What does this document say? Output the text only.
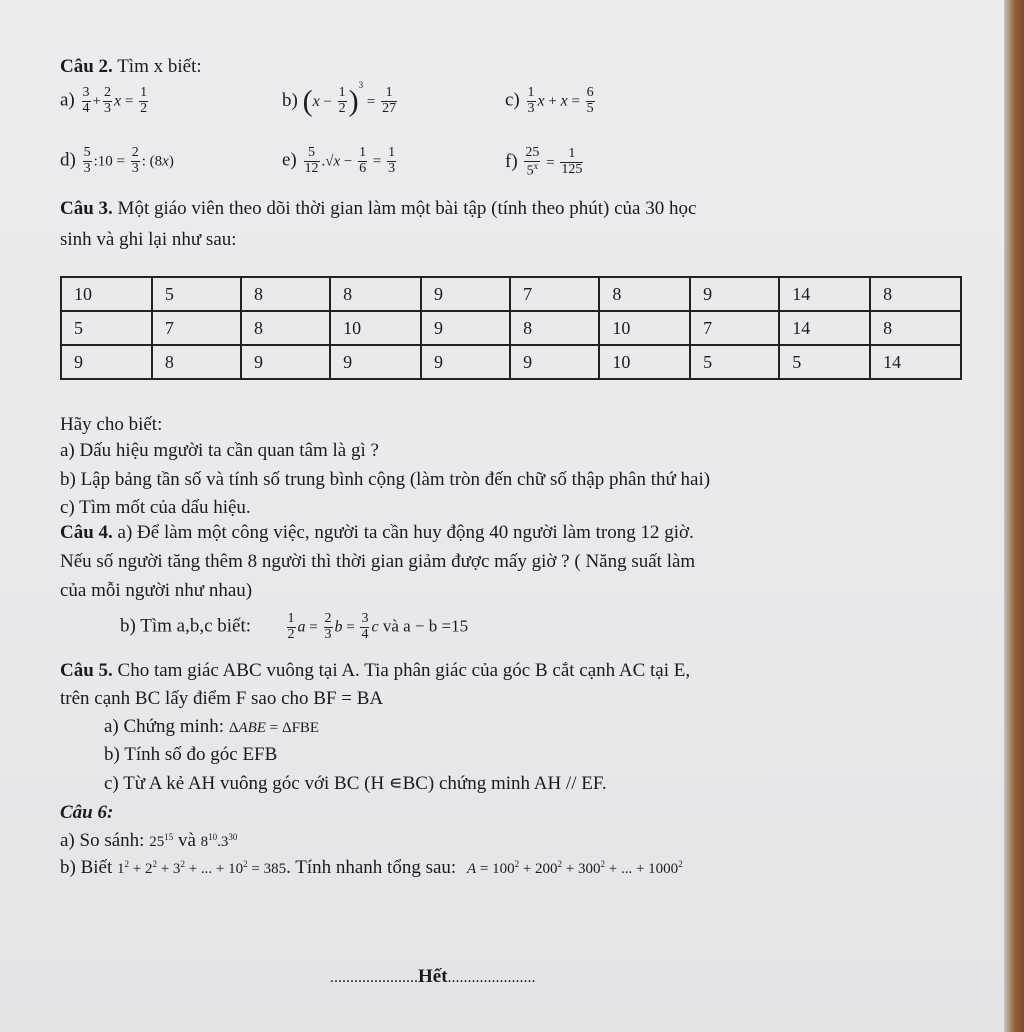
Câu 2. Tìm x biết:
$a) \frac{3}{4} + \frac{2}{3}$ $x = \frac{1}{2}$	b) $(x - \frac{1}{2} )^3 = \frac{1}{27}$	$c) \frac{1}{3}$ $x + x = \frac{6}{5}$
$d) \frac{5}{3}$ :10 = $\frac{2}{3}$ : (8x)	$e) \frac{5}{12} .√x - \frac{1}{6} = \frac{1}{3}$	$f) \frac{25}{5^x} = \frac{1}{125}$
Câu 3. Một giáo viên theo dõi thời gian làm một bài tập (tính theo phút) của 30 học
sinh và ghi lại như sau:
10	5	8	8	9	7	8	9	14	8
5	7	8	10	9	8	10	7	14	8
9	8	9	9	9	9	10	5	5	14
Hãy cho biết:
a) Dấu hiệu mgười ta cần quan tâm là gì ?
b) Lập bảng tần số và tính số trung bình cộng (làm tròn đến chữ số thập phân thứ hai)
c) Tìm mốt của dấu hiệu.
Câu 4. a) Để làm một công việc, người ta cần huy động 40 người làm trong 12 giờ.
Nếu số người tăng thêm 8 người thì thời gian giảm được mấy giờ ? ( Năng suất làm
của mỗi người như nhau)
b) Tìm a,b,c biết:	$\frac{1}{2}$ $a = \frac{2}{3}$ $b = \frac{3}{4}$ c và a − b =15
Câu 5. Cho tam giác ABC vuông tại A. Tia phân giác của góc B cắt cạnh AC tại E,
trên cạnh BC lấy điểm F sao cho BF = BA
a) Chứng minh: ΔABE = ΔFBE
b) Tính số đo góc EFB
c) Từ A kẻ AH vuông góc với BC (H ∊BC) chứng minh AH // EF.
Câu 6:
a) So sánh: $25^{15}$ và $8^{10}.3^{30}$
b) Biết $1^2 + 2^2 + 3^2$ + ... + $10^2 = 385$. Tính nhanh tổng sau: $A = 100^2 + 200^2 + 300^2$ + ... + $1000^2$
......................Hết......................
